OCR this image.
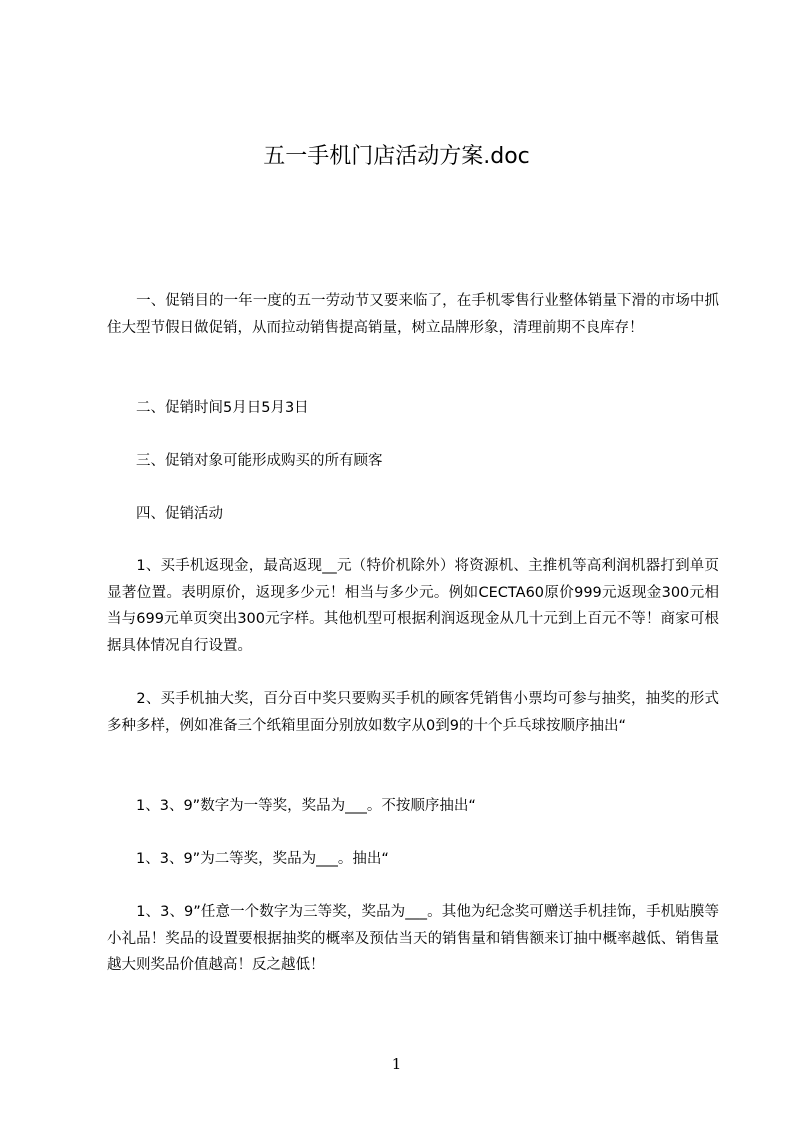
五一手机门店活动方案.doc

　　一、促销目的一年一度的五一劳动节又要来临了，在手机零售行业整体销量下滑的市场中抓住大型节假日做促销，从而拉动销售提高销量，树立品牌形象，清理前期不良库存！

　　二、促销时间5月日5月3日

　　三、促销对象可能形成购买的所有顾客

　　四、促销活动

　　1、买手机返现金，最高返现__元（特价机除外）将资源机、主推机等高利润机器打到单页显著位置。表明原价，返现多少元！相当与多少元。例如CECTA60原价999元返现金300元相当与699元单页突出300元字样。其他机型可根据利润返现金从几十元到上百元不等！商家可根据具体情况自行设置。

　　2、买手机抽大奖，百分百中奖只要购买手机的顾客凭销售小票均可参与抽奖，抽奖的形式多种多样，例如准备三个纸箱里面分别放如数字从0到9的十个乒乓球按顺序抽出“

　　1、3、9”数字为一等奖，奖品为___。不按顺序抽出“

　　1、3、9”为二等奖，奖品为___。抽出“

　　1、3、9”任意一个数字为三等奖，奖品为___。其他为纪念奖可赠送手机挂饰，手机贴膜等小礼品！奖品的设置要根据抽奖的概率及预估当天的销售量和销售额来订抽中概率越低、销售量越大则奖品价值越高！反之越低！

1
